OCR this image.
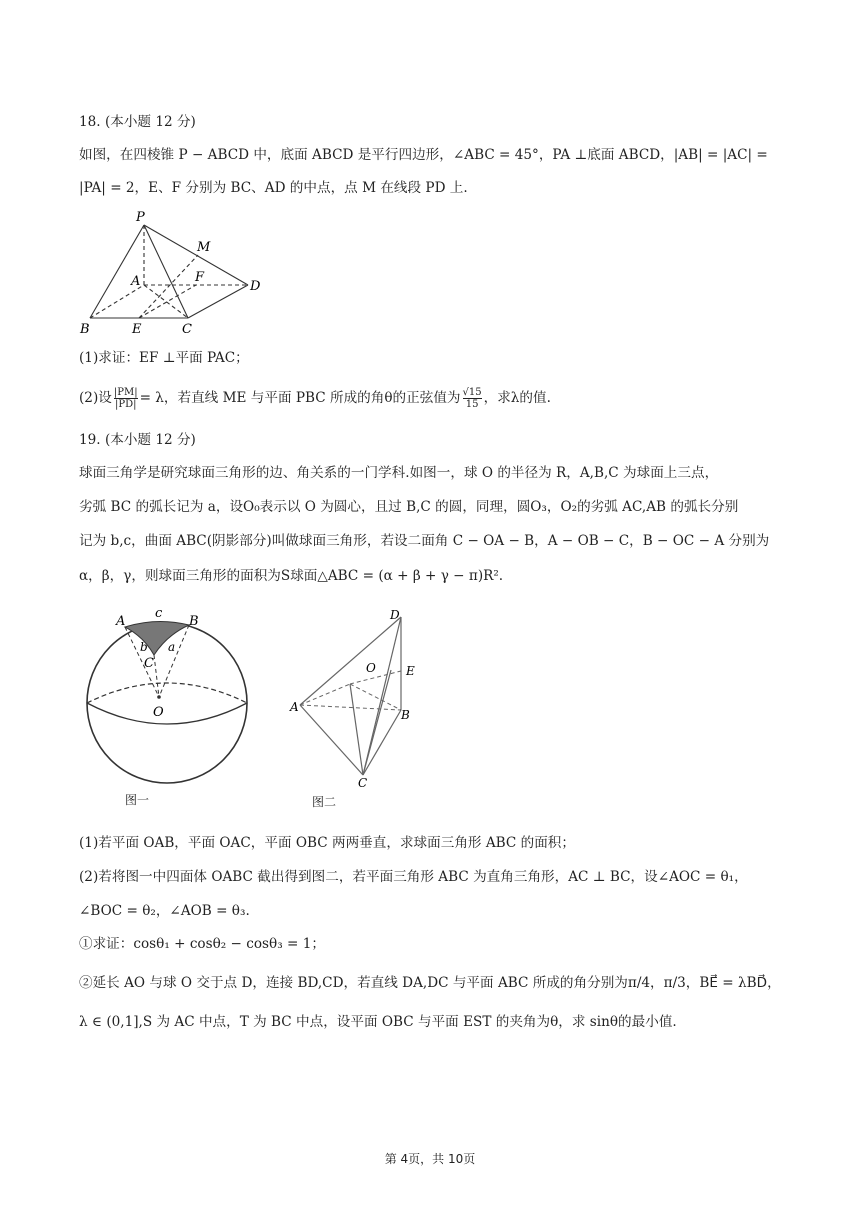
18. (本小题 12 分)
如图，在四棱锥 P − ABCD 中，底面 ABCD 是平行四边形，∠ABC = 45°，PA ⊥底面 ABCD，|AB| = |AC| =
|PA| = 2，E、F 分别为 BC、AD 的中点，点 M 在线段 PD 上.
P
M
A	F
D
B	E	C
(1)求证：EF ⊥平面 PAC；
(2)设 $\frac{|PM|}{|PD|} = \lambda$，若直线 ME 与平面 PBC 所成的角θ的正弦值为 $\frac{√15}{15}$ ，求λ的值.
19. (本小题 12 分)
球面三角学是研究球面三角形的边、角关系的一门学科.如图一，球 O 的半径为 R，A,B,C 为球面上三点，
劣弧 BC 的弧长记为 a，设O₀表示以 O 为圆心，且过 B,C 的圆，同理，圆O₃，O₂的劣弧 AC,AB 的弧长分别
记为 b,c，曲面 ABC(阴影部分)叫做球面三角形，若设二面角 C − OA − B，A − OB − C，B − OC − A 分别为
α，β，γ，则球面三角形的面积为S球面△ABC = (α + β + γ − π)R².
A
c
B
b a
C
O
图一
D
O	E
A
B
C
图二
(1)若平面 OAB，平面 OAC，平面 OBC 两两垂直，求球面三角形 ABC 的面积；
(2)若将图一中四面体 OABC 截出得到图二，若平面三角形 ABC 为直角三角形，AC ⊥ BC，设∠AOC = θ₁，
∠BOC = θ₂，∠AOB = θ₃.
①求证：cosθ₁ + cosθ₂ − cosθ₃ = 1；
②延长 AO 与球 O 交于点 D，连接 BD,CD，若直线 DA,DC 与平面 ABC 所成的角分别为π/4，π/3，BE⃗ = λBD⃗，
λ ∈ (0,1],S 为 AC 中点，T 为 BC 中点，设平面 OBC 与平面 EST 的夹角为θ，求 sinθ的最小值.
第 4页，共 10页
